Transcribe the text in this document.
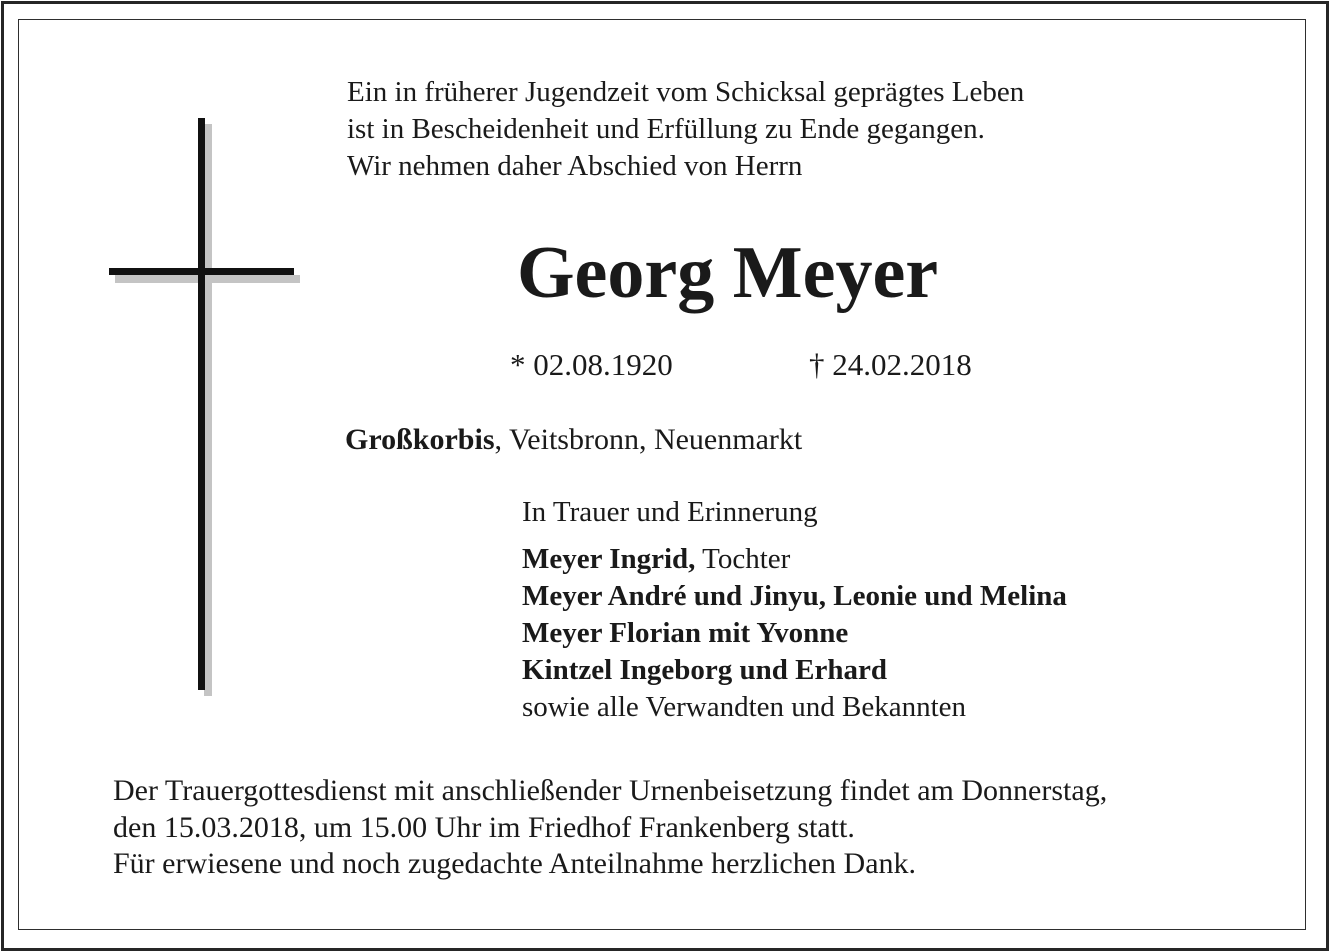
Ein in früherer Jugendzeit vom Schicksal geprägtes Leben
ist in Bescheidenheit und Erfüllung zu Ende gegangen.
Wir nehmen daher Abschied von Herrn
Georg Meyer
* 02.08.1920	† 24.02.2018
Großkorbis, Veitsbronn, Neuenmarkt
In Trauer und Erinnerung
Meyer Ingrid, Tochter
Meyer André und Jinyu, Leonie und Melina
Meyer Florian mit Yvonne
Kintzel Ingeborg und Erhard
sowie alle Verwandten und Bekannten
Der Trauergottesdienst mit anschließender Urnenbeisetzung findet am Donnerstag,
den 15.03.2018, um 15.00 Uhr im Friedhof Frankenberg statt.
Für erwiesene und noch zugedachte Anteilnahme herzlichen Dank.
